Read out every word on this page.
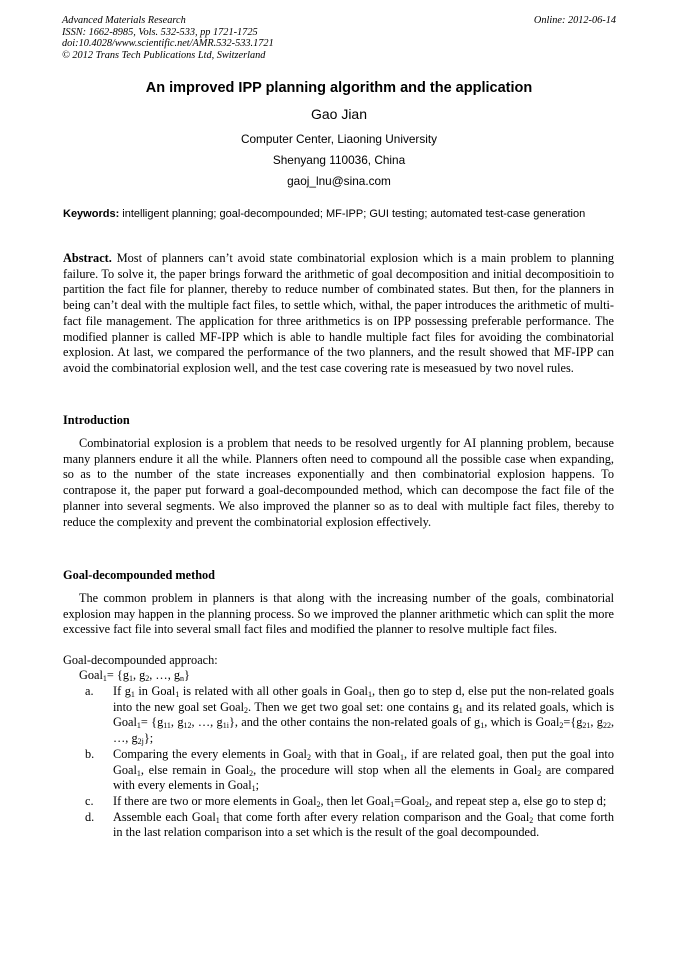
Advanced Materials Research
ISSN: 1662-8985, Vols. 532-533, pp 1721-1725
doi:10.4028/www.scientific.net/AMR.532-533.1721
© 2012 Trans Tech Publications Ltd, Switzerland
Online: 2012-06-14
An improved IPP planning algorithm and the application
Gao Jian
Computer Center, Liaoning University
Shenyang 110036, China
gaoj_lnu@sina.com
Keywords: intelligent planning; goal-decompounded; MF-IPP; GUI testing; automated test-case generation
Abstract. Most of planners can’t avoid state combinatorial explosion which is a main problem to planning failure. To solve it, the paper brings forward the arithmetic of goal decomposition and initial decompositioin to partition the fact file for planner, thereby to reduce number of combinated states. But then, for the planners in being can’t deal with the multiple fact files, to settle which, withal, the paper introduces the arithmetic of multi-fact file management. The application for three arithmetics is on IPP possessing preferable performance. The modified planner is called MF-IPP which is able to handle multiple fact files for avoiding the combinatorial explosion. At last, we compared the performance of the two planners, and the result showed that MF-IPP can avoid the combinatorial explosion well, and the test case covering rate is meseasued by two novel rules.
Introduction
Combinatorial explosion is a problem that needs to be resolved urgently for AI planning problem, because many planners endure it all the while. Planners often need to compound all the possible case when expanding, so as to the number of the state increases exponentially and then combinatorial explosion happens. To contrapose it, the paper put forward a goal-decompounded method, which can decompose the fact file of the planner into several segments. We also improved the planner so as to deal with multiple fact files, thereby to reduce the complexity and prevent the combinatorial explosion effectively.
Goal-decompounded method
The common problem in planners is that along with the increasing number of the goals, combinatorial explosion may happen in the planning process. So we improved the planner arithmetic which can split the more excessive fact file into several small fact files and modified the planner to resolve multiple fact files.
Goal-decompounded approach:
Goal$_1$= {$g_1$, $g_2$, …, $g_n$}
a. If $g_1$ in Goal$_1$ is related with all other goals in Goal$_1$, then go to step d, else put the non-related goals into the new goal set Goal$_2$. Then we get two goal set: one contains $g_1$ and its related goals, which is Goal$_1$= {$g_{11}$, $g_{12}$, …, $g_{1i}$}, and the other contains the non-related goals of $g_1$, which is $Goal_2=\{g_{21}$, $g_{22}$, …, $g_{2j}$};
b. Comparing the every elements in Goal$_2$ with that in Goal$_1$, if are related goal, then put the goal into Goal$_1$, else remain in Goal$_2$, the procedure will stop when all the elements in Goal$_2$ are compared with every elements in Goal$_1$;
c. If there are two or more elements in Goal$_2$, then let Goal$_1$=Goal$_2$, and repeat step a, else go to step d;
d. Assemble each Goal$_1$ that come forth after every relation comparison and the Goal$_2$ that come forth in the last relation comparison into a set which is the result of the goal decompounded.
